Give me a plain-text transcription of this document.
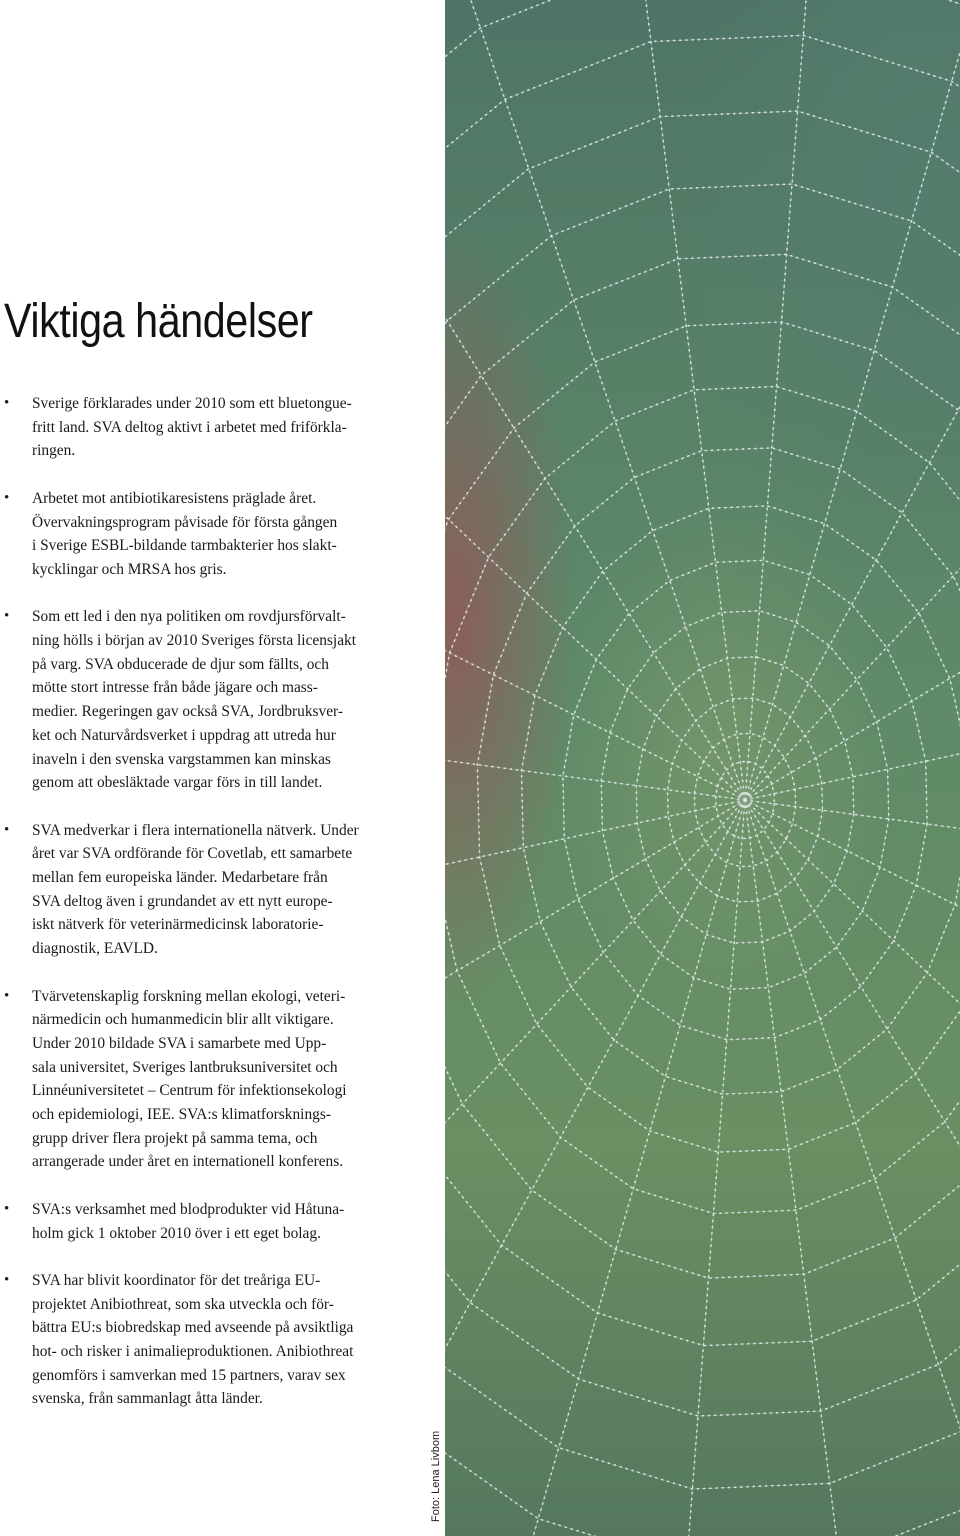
Viktiga händelser
• Sverige förklarades under 2010 som ett bluetongue-
fritt land. SVA deltog aktivt i arbetet med friförkla-
ringen.
• Arbetet mot antibiotikaresistens präglade året.
Övervakningsprogram påvisade för första gången
i Sverige ESBL-bildande tarmbakterier hos slakt-
kycklingar och MRSA hos gris.
• Som ett led i den nya politiken om rovdjursförvalt-
ning hölls i början av 2010 Sveriges första licensjakt
på varg. SVA obducerade de djur som fällts, och
mötte stort intresse från både jägare och mass-
medier. Regeringen gav också SVA, Jordbruksver-
ket och Naturvårdsverket i uppdrag att utreda hur
inaveln i den svenska vargstammen kan minskas
genom att obesläktade vargar förs in till landet.
• SVA medverkar i flera internationella nätverk. Under
året var SVA ordförande för Covetlab, ett samarbete
mellan fem europeiska länder. Medarbetare från
SVA deltog även i grundandet av ett nytt europe-
iskt nätverk för veterinärmedicinsk laboratorie-
diagnostik, EAVLD.
• Tvärvetenskaplig forskning mellan ekologi, veteri-
närmedicin och humanmedicin blir allt viktigare.
Under 2010 bildade SVA i samarbete med Upp-
sala universitet, Sveriges lantbruksuniversitet och
Linnéuniversitetet – Centrum för infektionsekologi
och epidemiologi, IEE. SVA:s klimatforsknings-
grupp driver flera projekt på samma tema, och
arrangerade under året en internationell konferens.
• SVA:s verksamhet med blodprodukter vid Håtuna-
holm gick 1 oktober 2010 över i ett eget bolag.
• SVA har blivit koordinator för det treåriga EU-
projektet Anibiothreat, som ska utveckla och för-
bättra EU:s biobredskap med avseende på avsiktliga
hot- och risker i animalieproduktionen. Anibiothreat
genomförs i samverkan med 15 partners, varav sex
svenska, från sammanlagt åtta länder.
Foto: Lena Livbom
